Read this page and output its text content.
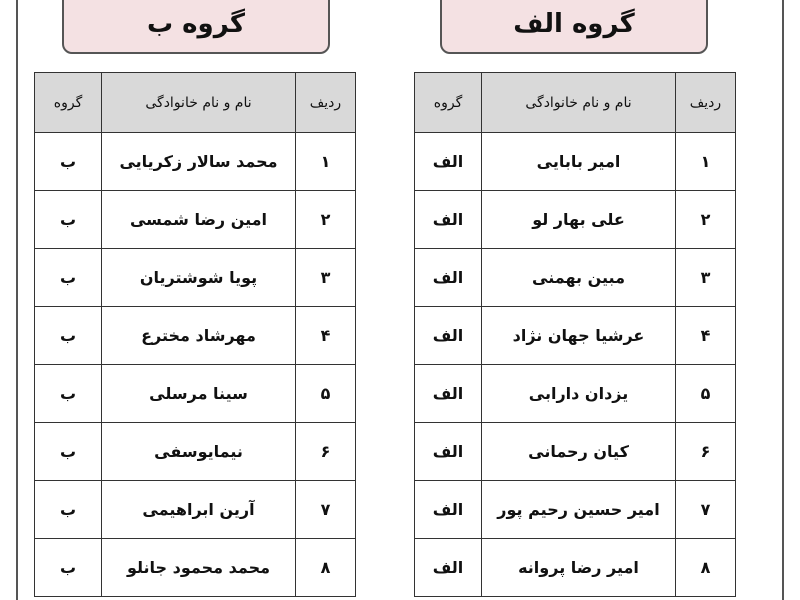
گروه الف
گروه ب
ردیف	نام و نام خانوادگی	گروه
۱	امیر بابایی	الف
۲	علی بهار لو	الف
۳	مبین بهمنی	الف
۴	عرشیا جهان نژاد	الف
۵	یزدان دارابی	الف
۶	کیان رحمانی	الف
۷	امیر حسین رحیم پور	الف
۸	امیر رضا پروانه	الف
ردیف	نام و نام خانوادگی	گروه
۱	محمد سالار زکریایی	ب
۲	امین رضا شمسی	ب
۳	پویا شوشتریان	ب
۴	مهرشاد مخترع	ب
۵	سینا مرسلی	ب
۶	نیمایوسفی	ب
۷	آرین ابراهیمی	ب
۸	محمد محمود جانلو	ب
